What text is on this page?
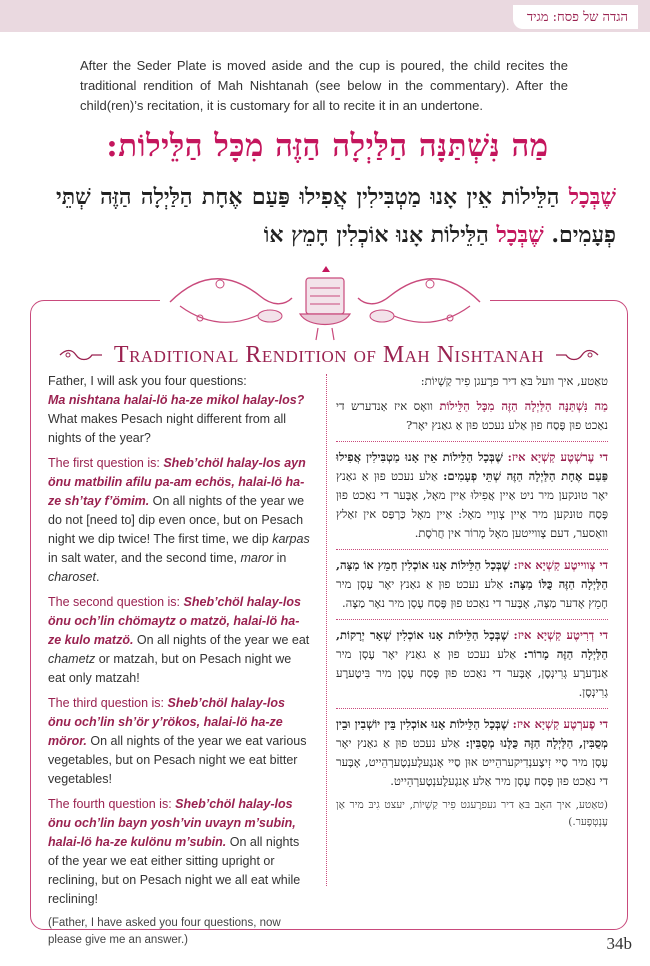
הגדה של פסח: מגיד
After the Seder Plate is moved aside and the cup is poured, the child recites the traditional rendition of Mah Nishtanah (see below in the commentary). After the child(ren)’s recitation, it is customary for all to recite it in an undertone.
מַה נִּשְׁתַּנָּה הַלַּיְלָה הַזֶּה מִכָּל הַלֵּילוֹת:
שֶׁבְּכָל הַלֵּילוֹת אֵין אָנוּ מַטְבִּילִין אֲפִילוּ פַּעַם אֶחָת הַלַּיְלָה הַזֶּה שְׁתֵּי פְעָמִים. שֶׁבְּכָל הַלֵּילוֹת אָנוּ אוֹכְלִין חָמֵץ אוֹ
Traditional Rendition of Mah Nishtanah

Father, I will ask you four questions:
Ma nishtana halai-lö ha-ze mikol halay-los? What makes Pesach night different from all nights of the year?

The first question is: Sheb’chöl halay-los ayn önu matbilin afilu pa-am echös, halai-lö ha-ze sh’tay f’ömim. On all nights of the year we do not [need to] dip even once, but on Pesach night we dip twice! The first time, we dip karpas in salt water, and the second time, maror in charoset.

The second question is: Sheb’chöl halay-los önu och’lin chömaytz o matzö, halai-lö ha-ze kulo matzö. On all nights of the year we eat chametz or matzah, but on Pesach night we eat only matzah!

The third question is: Sheb’chöl halay-los önu och’lin sh’ör y’rökos, halai-lö ha-ze möror. On all nights of the year we eat various vegetables, but on Pesach night we eat bitter vegetables!

The fourth question is: Sheb’chöl halay-los önu och’lin bayn yosh’vin uvayn m’subin, halai-lö ha-ze kulönu m’subin. On all nights of the year we eat either sitting upright or reclining, but on Pesach night we all eat while reclining!

(Father, I have asked you four questions, now please give me an answer.)

טאַטע, איך וועל בּאַ דיר פרֶעגן פִיר קַשְׁיוֹת:

מַה נִּשְׁתַּנָּה הַלַּיְלָה הַזֶּה מִכָּל הַלֵּילוֹת וואָס איז אַנדערש די נאַכט פוּן פֶּסַח פוּן אַלע נעכט פוּן אַ גאַנץ יאָר?

די עֶרשְׁטֶע קַשְׁיָא איז: שֶׁבְּכָל הַלֵּילוֹת אֵין אָנוּ מַטְבִּילִין אֲפִילוּ פַּעַם אֶחָת הַלַּיְלָה הַזֶּה שְׁתֵּי פְעָמִים: אַלע נעכט פוּן אַ גאַנץ יאָר טוּנקען מיר ניט אַיין אֲפִילוּ אַיין מאָל, אָבֶּער די נאַכט פוּן פֶּסַח טוּנקען מיר אַיין צְווַיי מאָל: אַיין מאָל כַּרְפַּס אין זאַלץ וואַסער, דעם צְווייטען מאָל מָרוֹר אין חֲרֹסֶת.

די צְווייטֶע קַשְׁיָא איז: שֶׁבְּכָל הַלֵּילוֹת אָנוּ אוֹכְלִין חָמֵץ אוֹ מַצָּה, הַלַּיְלָה הַזֶּה כֻּלּוֹ מַצָּה: אַלע נעכט פוּן אַ גאַנץ יאָר עֶסְן מיר חָמֵץ אָדער מַצָּה, אָבֶּער די נאַכט פוּן פֶּסַח עֶסְן מיר נאָר מַצָּה.

די דְרִיטֶע קַשְׁיָא איז: שֶׁבְּכָל הַלֵּילוֹת אָנוּ אוֹכְלִין שְׁאָר יְרָקוֹת, הַלַּיְלָה הַזֶּה מָרוֹר: אַלע נעכט פוּן אַ גאַנץ יאָר עֶסְן מיר אַנדֶערֶע גְרִינְסֶן, אָבֶּער די נאַכט פוּן פֶּסַח עֶסְן מיר בִּיטֶערֶע גְרִינְסֶן.

די פֶערְטֶע קַשְׁיָא איז: שֶׁבְּכָל הַלֵּילוֹת אָנוּ אוֹכְלִין בֵּין יוֹשְׁבִין וּבֵין מְסֻבִּין, הַלַּיְלָה הַזֶּה כֻּלָּנוּ מְסֻבִּין: אַלע נעכט פוּן אַ גאַנץ יאָר עֶסְן מיר סַיי זִיצֶענְדִיקערהֵייט אוּן סַיי אָנגֶעלֶענְטֶערְהֵייט, אָבֶּער די נאַכט פוּן פֶּסַח עֶסְן מיר אַלע אָנגֶעלֶענְטֶערְהֵייט.

(טאַטע, איך האָב בּאַ דיר געפרֶעגט פִיר קַשְׁיוֹת, יעצט גִיבּ מיר אַן עֶנְטְפֶער.)

34b
